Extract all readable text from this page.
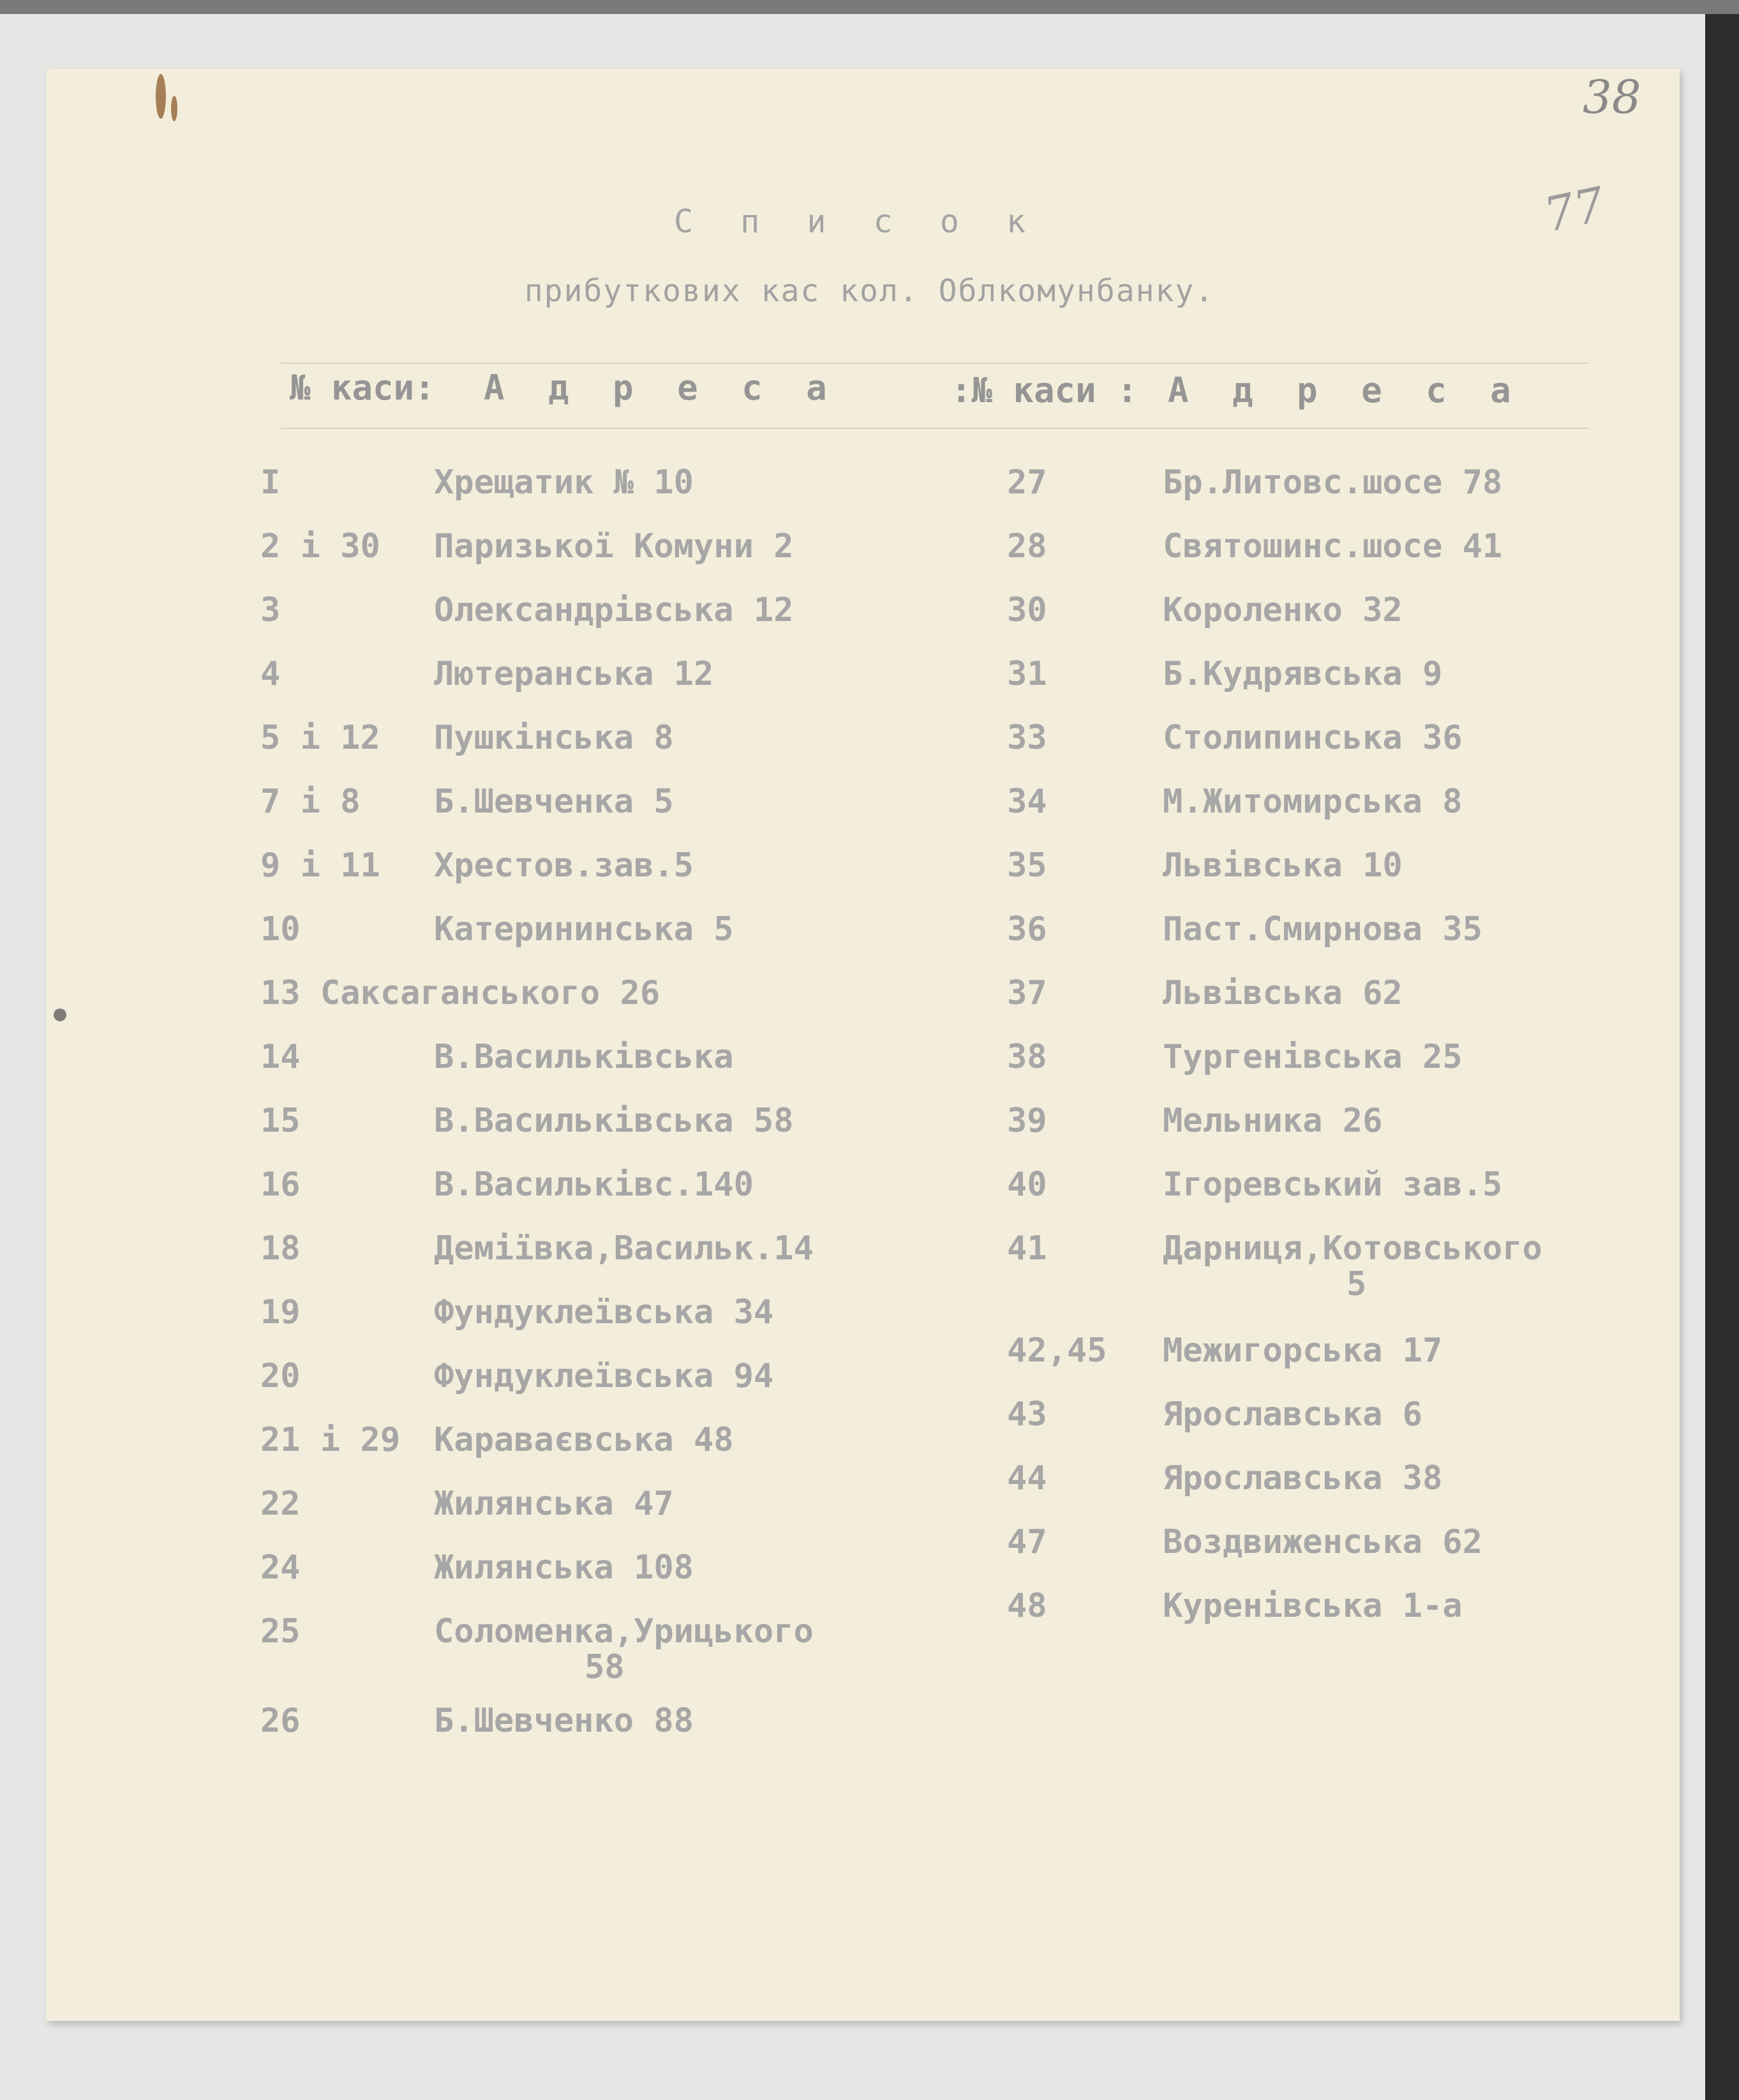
38
77
С п и с о к
прибуткових кас кол. Облкомунбанку.
№ каси: А д р е с а	:№ каси : А д р е с а
I	Хрещатик № 10
2 і 30 Паризької Комуни 2
3	Олександрівська 12
4	Лютеранська 12
5 і 12 Пушкінська 8
7 і 8 Б.Шевченка 5
9 і 11 Хрестов.зав.5
10	Катерининська 5
13 Саксаганського 26
14	В.Васильківська
15	В.Васильківська 58
16	В.Васильківс.140
18	Деміївка,Васильк.14
19	Фундуклеївська 34
20	Фундуклеївська 94
21 і 29 Караваєвська 48
22	Жилянська 47
24	Жилянська 108
25	Соломенка,Урицького
58
26	Б.Шевченко 88
27	Бр.Литовс.шосе 78
28	Святошинс.шосе 41
30	Короленко 32
31	Б.Кудрявська 9
33	Столипинська 36
34	М.Житомирська 8
35	Львівська 10
36	Паст.Смирнова 35
37	Львівська 62
38	Тургенівська 25
39	Мельника 26
40	Ігоревський зав.5
41	Дарниця,Котовського
5
42,45 Межигорська 17
43	Ярославська 6
44	Ярославська 38
47	Воздвиженська 62
48	Куренівська 1-а
